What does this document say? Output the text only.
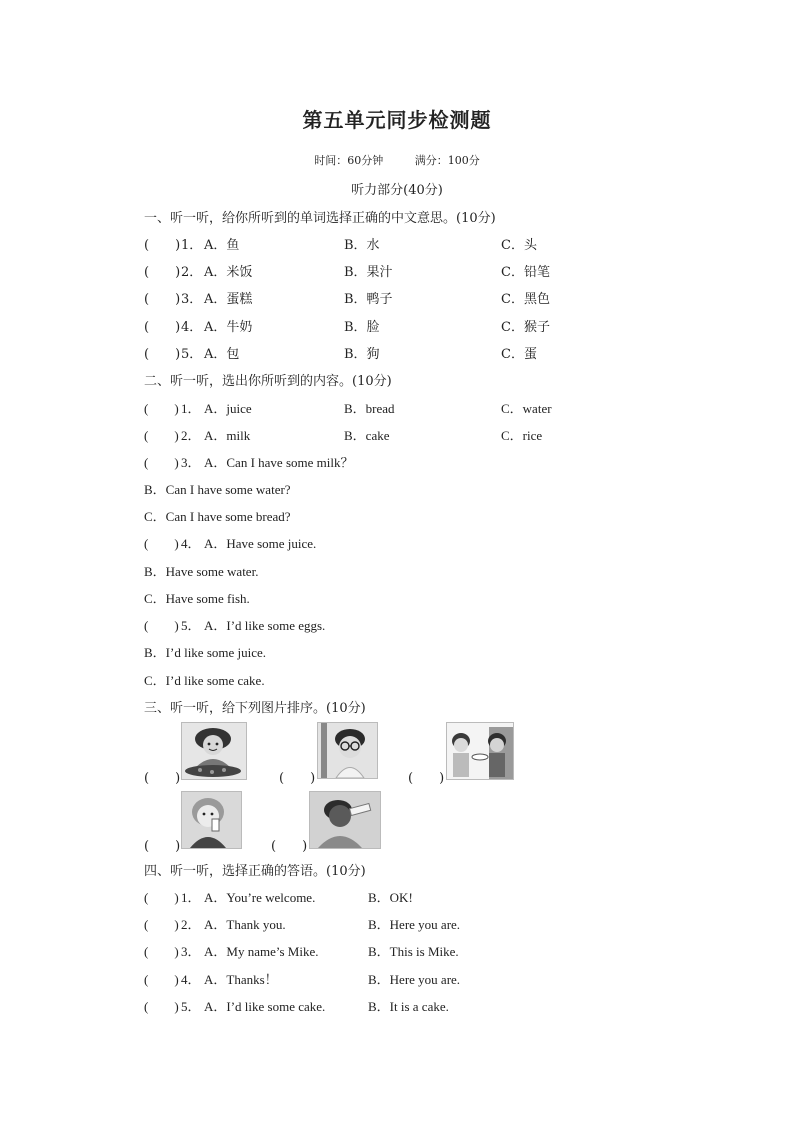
第五单元同步检测题
时间：60分钟	满分：100分
听力部分(40分)
一、听一听，给你所听到的单词选择正确的中文意思。(10分)
(　　) 1． A．鱼	B．水	C．头
(　　) 2． A．米饭	B．果汁	C．铅笔
(　　) 3． A．蛋糕	B．鸭子	C．黑色
(　　) 4． A．牛奶	B．脸	C．猴子
(　　) 5． A．包	B．狗	C．蛋
二、听一听，选出你所听到的内容。(10分)
(　　) 1． A．juice	B．bread	C．water
(　　) 2． A．milk	B．cake	C．rice
(　　) 3． A．Can I have some milk？
B．Can I have some water?
C．Can I have some bread?
(　　) 4． A．Have some juice.
B．Have some water.
C．Have some fish.
(　　) 5． A．I’d like some eggs.
B．I’d like some juice.
C．I’d like some cake.
三、听一听，给下列图片排序。(10分)
(　　)	(　　)	(　　)
(　　)	(　　)
四、听一听，选择正确的答语。(10分)
(　　) 1． A．You’re welcome.	B．OK!
(　　) 2． A．Thank you.	B．Here you are.
(　　) 3． A．My name’s Mike.	B．This is Mike.
(　　) 4． A．Thanks！	B．Here you are.
(　　) 5． A．I’d like some cake.	B．It is a cake.
